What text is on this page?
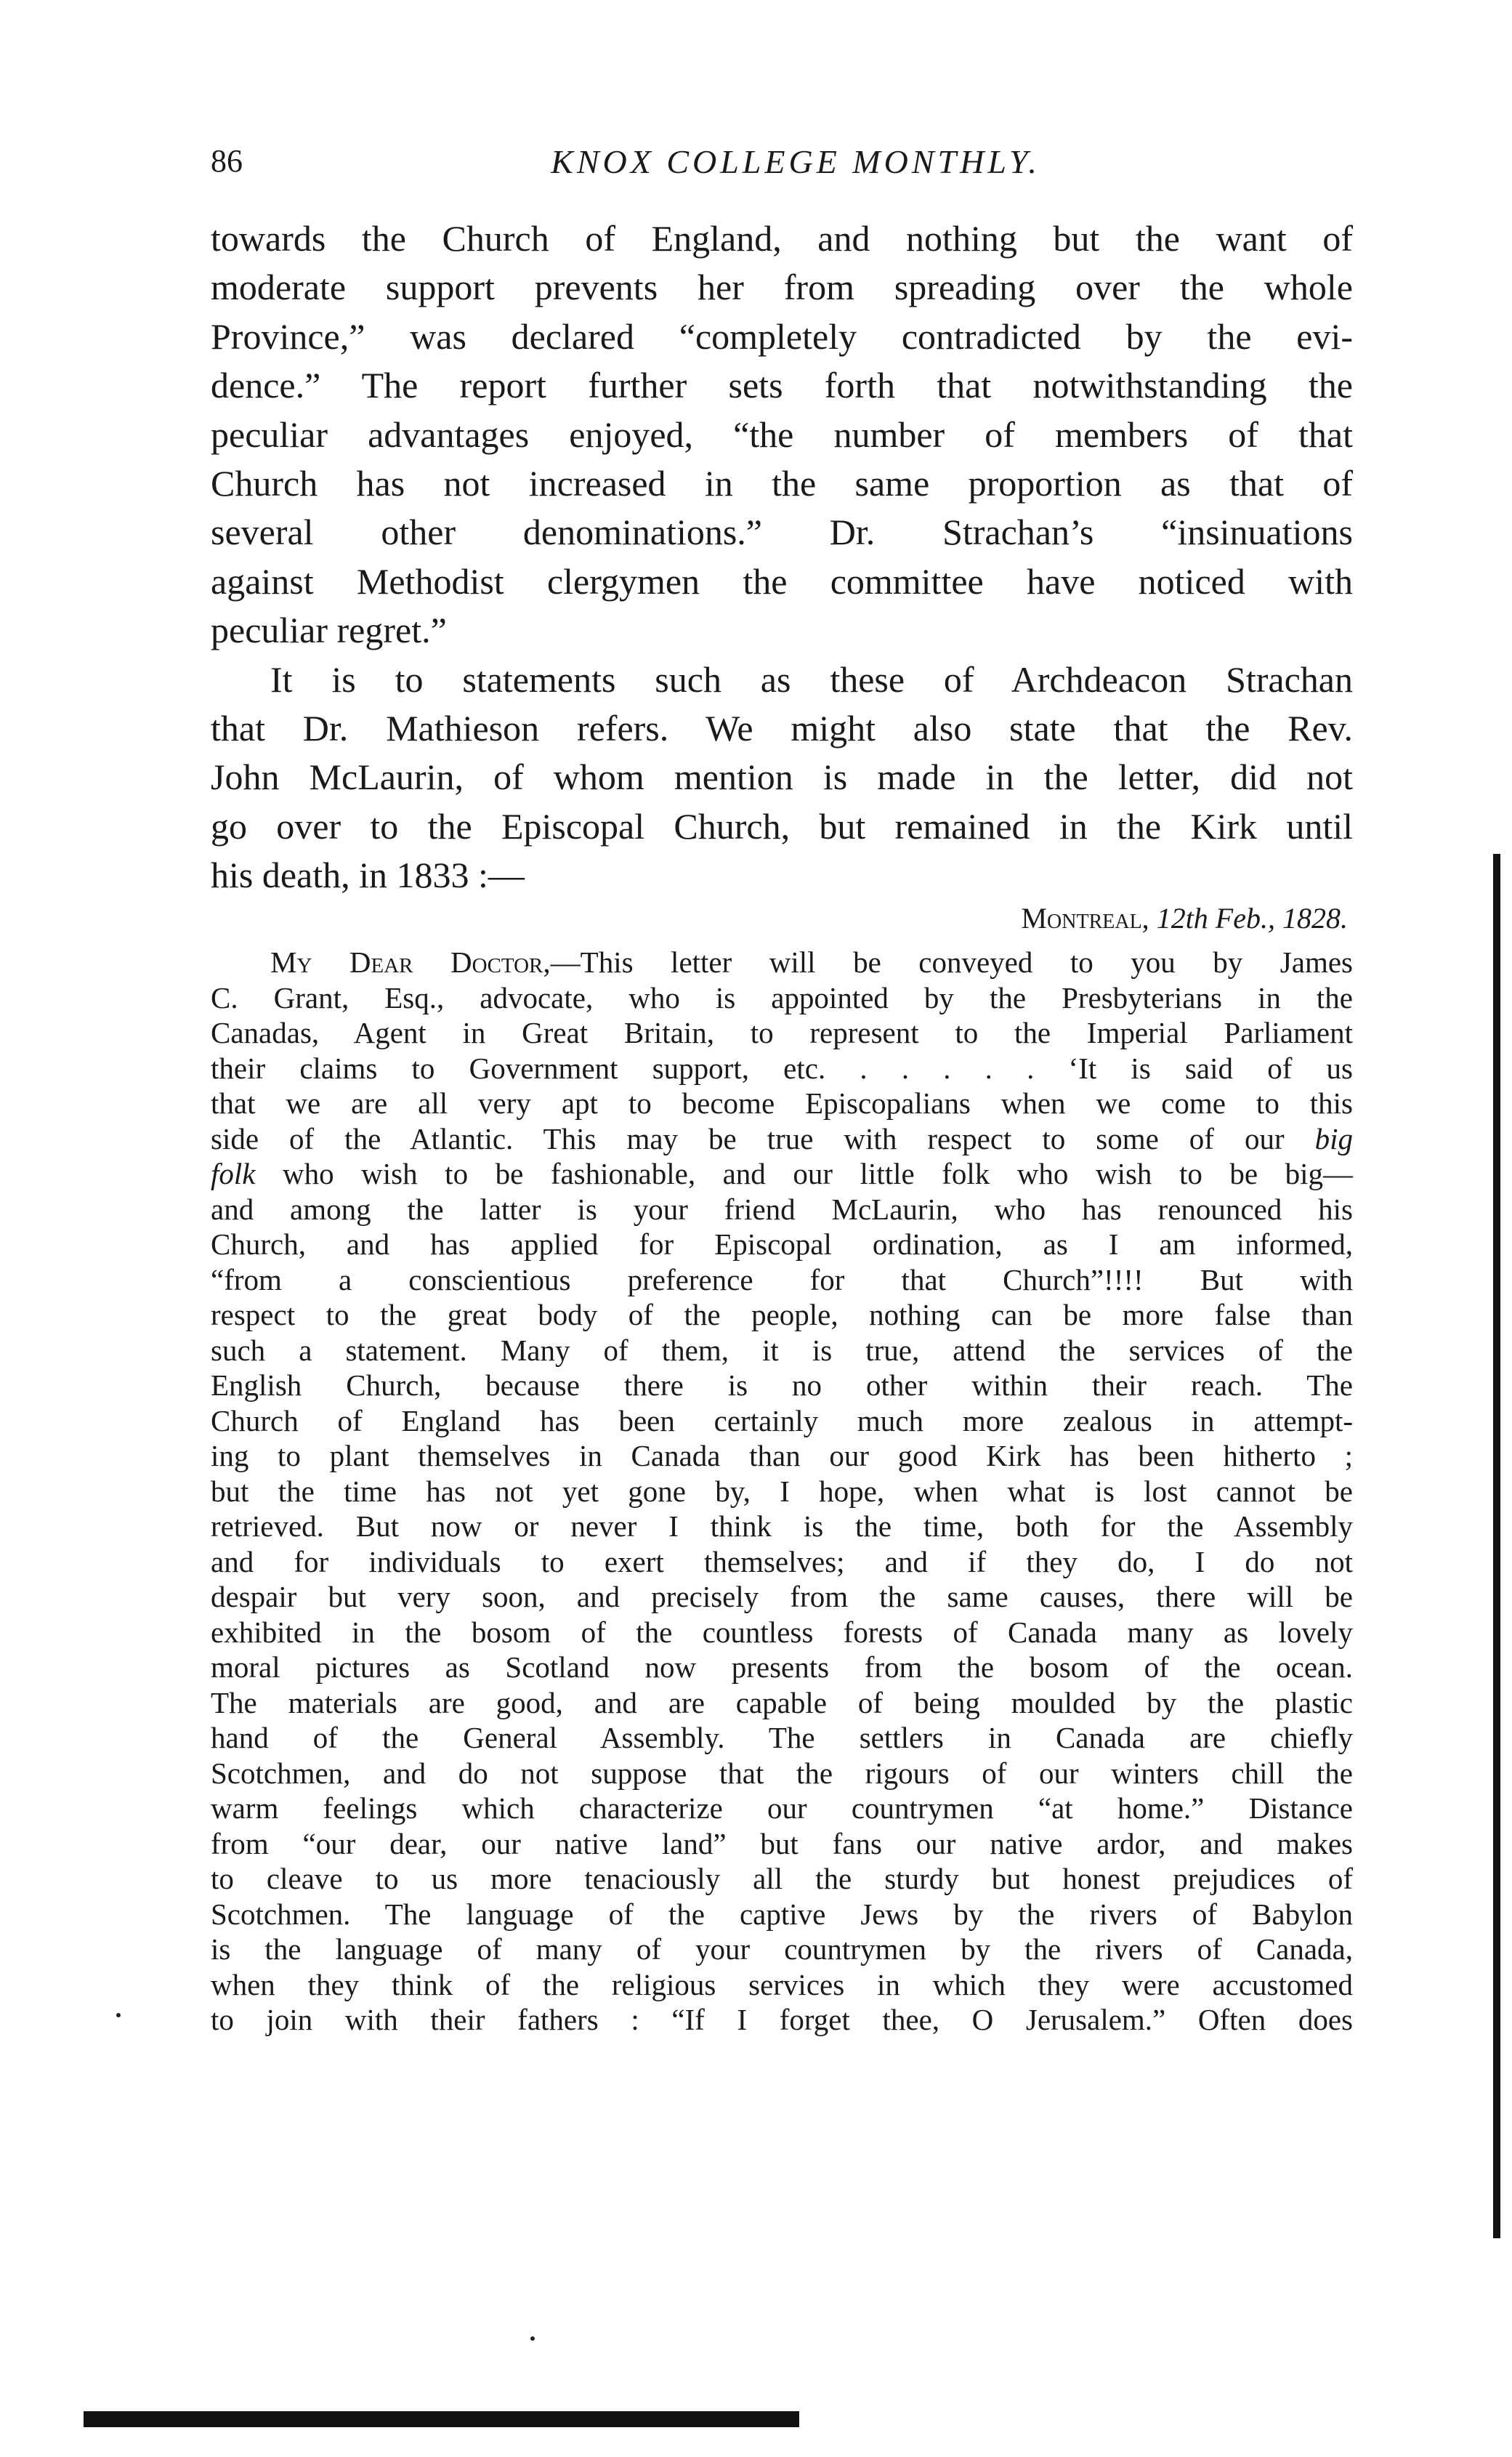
86	KNOX COLLEGE MONTHLY.
towards the Church of England, and nothing but the want of
moderate support prevents her from spreading over the whole
Province,” was declared “completely contradicted by the evi-
dence.” The report further sets forth that notwithstanding the
peculiar advantages enjoyed, “the number of members of that
Church has not increased in the same proportion as that of
several other denominations.” Dr. Strachan’s “insinuations
against Methodist clergymen the committee have noticed with
peculiar regret.”
It is to statements such as these of Archdeacon Strachan
that Dr. Mathieson refers. We might also state that the Rev.
John McLaurin, of whom mention is made in the letter, did not
go over to the Episcopal Church, but remained in the Kirk until
his death, in 1833 :—
Montreal, 12th Feb., 1828.
My Dear Doctor,—This letter will be conveyed to you by James
C. Grant, Esq., advocate, who is appointed by the Presbyterians in the
Canadas, Agent in Great Britain, to represent to the Imperial Parliament
their claims to Government support, etc. . . . . . ‘It is said of us
that we are all very apt to become Episcopalians when we come to this
side of the Atlantic. This may be true with respect to some of our big
folk who wish to be fashionable, and our little folk who wish to be big—
and among the latter is your friend McLaurin, who has renounced his
Church, and has applied for Episcopal ordination, as I am informed,
“from a conscientious preference for that Church”!!!! But with
respect to the great body of the people, nothing can be more false than
such a statement. Many of them, it is true, attend the services of the
English Church, because there is no other within their reach. The
Church of England has been certainly much more zealous in attempt-
ing to plant themselves in Canada than our good Kirk has been hitherto ;
but the time has not yet gone by, I hope, when what is lost cannot be
retrieved. But now or never I think is the time, both for the Assembly
and for individuals to exert themselves; and if they do, I do not
despair but very soon, and precisely from the same causes, there will be
exhibited in the bosom of the countless forests of Canada many as lovely
moral pictures as Scotland now presents from the bosom of the ocean.
The materials are good, and are capable of being moulded by the plastic
hand of the General Assembly. The settlers in Canada are chiefly
Scotchmen, and do not suppose that the rigours of our winters chill the
warm feelings which characterize our countrymen “at home.” Distance
from “our dear, our native land” but fans our native ardor, and makes
to cleave to us more tenaciously all the sturdy but honest prejudices of
Scotchmen. The language of the captive Jews by the rivers of Babylon
is the language of many of your countrymen by the rivers of Canada,
when they think of the religious services in which they were accustomed
to join with their fathers : “If I forget thee, O Jerusalem.” Often does
